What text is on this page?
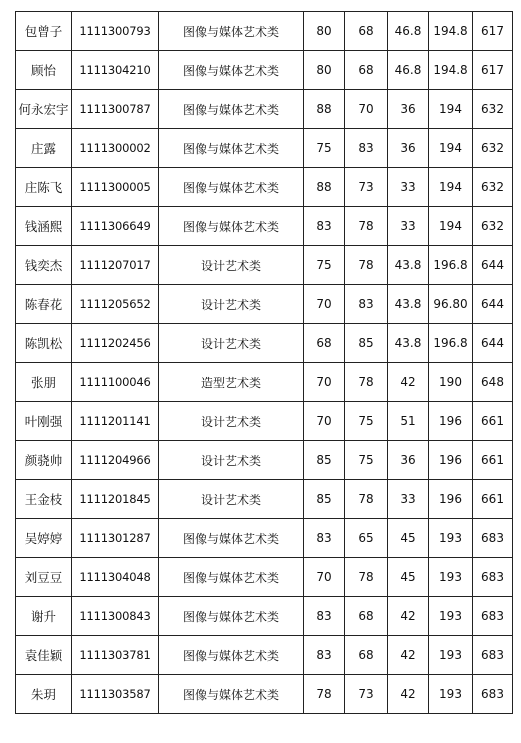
包曾子	1111300793	图像与媒体艺术类	80	68	46.8	194.8	617
顾怡	1111304210	图像与媒体艺术类	80	68	46.8	194.8	617
何永宏宇	1111300787	图像与媒体艺术类	88	70	36	194	632
庄露	1111300002	图像与媒体艺术类	75	83	36	194	632
庄陈飞	1111300005	图像与媒体艺术类	88	73	33	194	632
钱涵熙	1111306649	图像与媒体艺术类	83	78	33	194	632
钱奕杰	1111207017	设计艺术类	75	78	43.8	196.8	644
陈春花	1111205652	设计艺术类	70	83	43.8	96.80	644
陈凯松	1111202456	设计艺术类	68	85	43.8	196.8	644
张朋	1111100046	造型艺术类	70	78	42	190	648
叶刚强	1111201141	设计艺术类	70	75	51	196	661
颜骁帅	1111204966	设计艺术类	85	75	36	196	661
王金枝	1111201845	设计艺术类	85	78	33	196	661
吴婷婷	1111301287	图像与媒体艺术类	83	65	45	193	683
刘豆豆	1111304048	图像与媒体艺术类	70	78	45	193	683
谢升	1111300843	图像与媒体艺术类	83	68	42	193	683
袁佳颖	1111303781	图像与媒体艺术类	83	68	42	193	683
朱玥	1111303587	图像与媒体艺术类	78	73	42	193	683
